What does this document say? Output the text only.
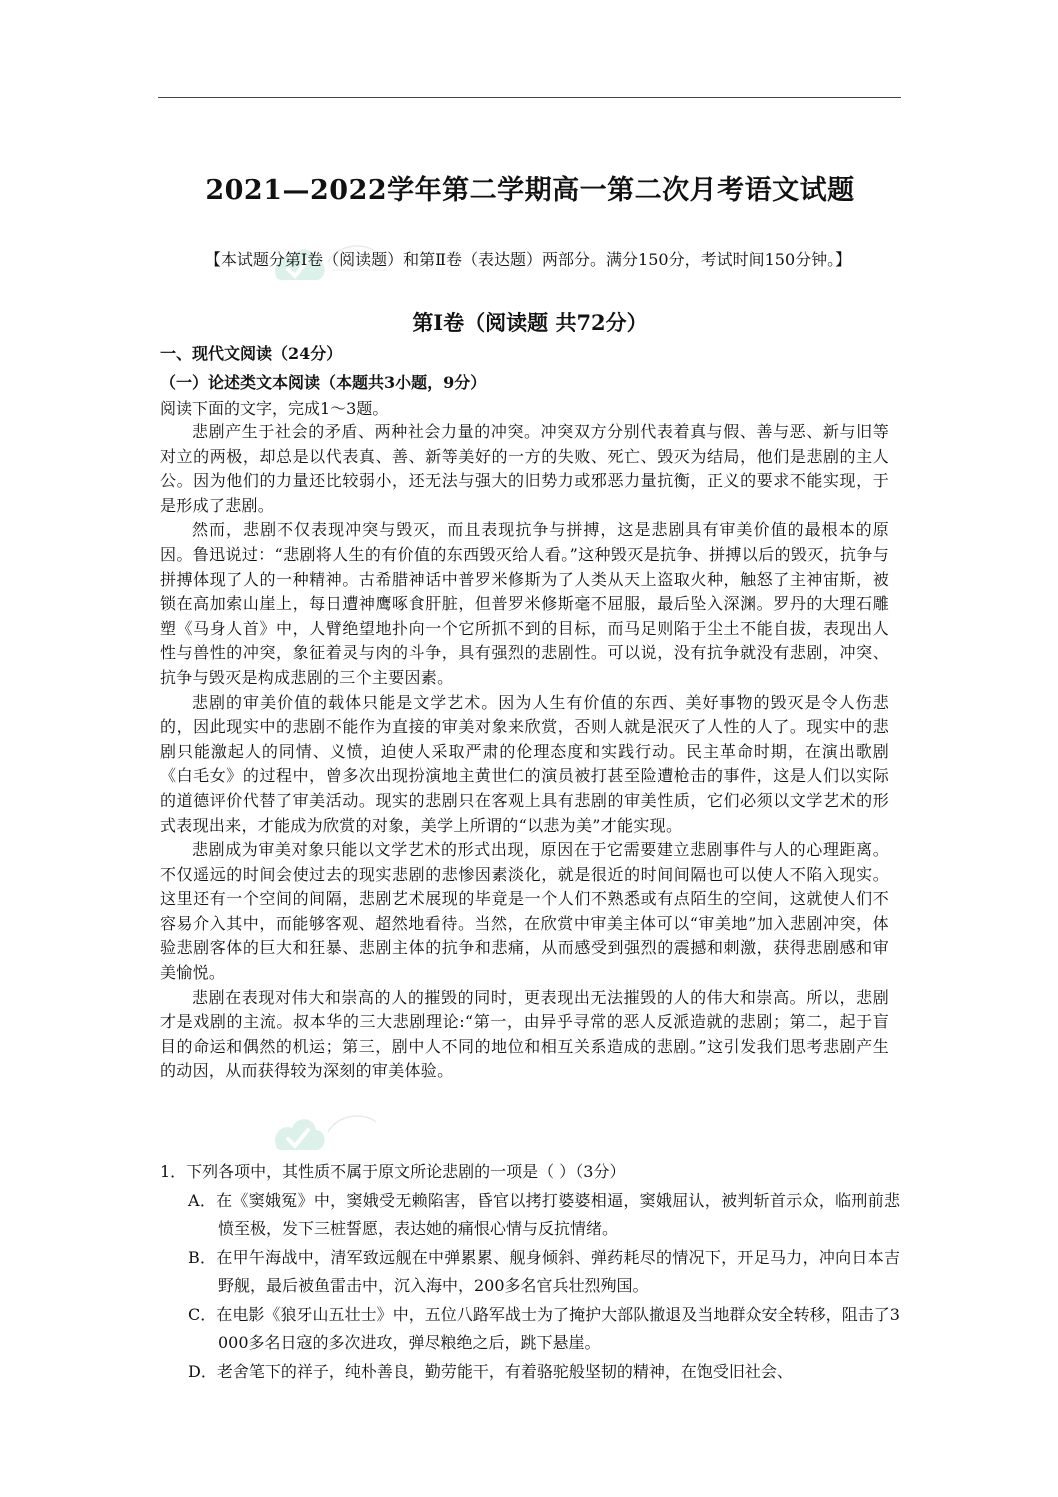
2021—2022学年第二学期高一第二次月考语文试题
【本试题分第Ⅰ卷（阅读题）和第Ⅱ卷（表达题）两部分。满分150分，考试时间150分钟。】
第Ⅰ卷（阅读题 共72分）
一、现代文阅读（24分）
（一）论述类文本阅读（本题共3小题，9分）
阅读下面的文字，完成1～3题。

悲剧产生于社会的矛盾、两种社会力量的冲突。冲突双方分别代表着真与假、善与恶、新与旧等对立的两极，却总是以代表真、善、新等美好的一方的失败、死亡、毁灭为结局，他们是悲剧的主人公。因为他们的力量还比较弱小，还无法与强大的旧势力或邪恶力量抗衡，正义的要求不能实现，于是形成了悲剧。

然而，悲剧不仅表现冲突与毁灭，而且表现抗争与拼搏，这是悲剧具有审美价值的最根本的原因。鲁迅说过：“悲剧将人生的有价值的东西毁灭给人看。”这种毁灭是抗争、拼搏以后的毁灭，抗争与拼搏体现了人的一种精神。古希腊神话中普罗米修斯为了人类从天上盗取火种，触怒了主神宙斯，被锁在高加索山崖上，每日遭神鹰啄食肝脏，但普罗米修斯毫不屈服，最后坠入深渊。罗丹的大理石雕塑《马身人首》中，人臂绝望地扑向一个它所抓不到的目标，而马足则陷于尘土不能自拔，表现出人性与兽性的冲突，象征着灵与肉的斗争，具有强烈的悲剧性。可以说，没有抗争就没有悲剧，冲突、抗争与毁灭是构成悲剧的三个主要因素。

悲剧的审美价值的载体只能是文学艺术。因为人生有价值的东西、美好事物的毁灭是令人伤悲的，因此现实中的悲剧不能作为直接的审美对象来欣赏，否则人就是泯灭了人性的人了。现实中的悲剧只能激起人的同情、义愤，迫使人采取严肃的伦理态度和实践行动。民主革命时期，在演出歌剧《白毛女》的过程中，曾多次出现扮演地主黄世仁的演员被打甚至险遭枪击的事件，这是人们以实际的道德评价代替了审美活动。现实的悲剧只在客观上具有悲剧的审美性质，它们必须以文学艺术的形式表现出来，才能成为欣赏的对象，美学上所谓的“以悲为美”才能实现。

悲剧成为审美对象只能以文学艺术的形式出现，原因在于它需要建立悲剧事件与人的心理距离。不仅遥远的时间会使过去的现实悲剧的悲惨因素淡化，就是很近的时间间隔也可以使人不陷入现实。这里还有一个空间的间隔，悲剧艺术展现的毕竟是一个人们不熟悉或有点陌生的空间，这就使人们不容易介入其中，而能够客观、超然地看待。当然，在欣赏中审美主体可以“审美地”加入悲剧冲突，体验悲剧客体的巨大和狂暴、悲剧主体的抗争和悲痛，从而感受到强烈的震撼和刺激，获得悲剧感和审美愉悦。

悲剧在表现对伟大和崇高的人的摧毁的同时，更表现出无法摧毁的人的伟大和崇高。所以，悲剧才是戏剧的主流。叔本华的三大悲剧理论:“第一，由异乎寻常的恶人反派造就的悲剧；第二，起于盲目的命运和偶然的机运；第三，剧中人不同的地位和相互关系造成的悲剧。”这引发我们思考悲剧产生的动因，从而获得较为深刻的审美体验。

1．下列各项中，其性质不属于原文所论悲剧的一项是（ ）（3分）

A．在《窦娥冤》中，窦娥受无赖陷害，昏官以拷打婆婆相逼，窦娥屈认，被判斩首示众，临刑前悲愤至极，发下三桩誓愿，表达她的痛恨心情与反抗情绪。

B．在甲午海战中，清军致远舰在中弹累累、舰身倾斜、弹药耗尽的情况下，开足马力，冲向日本吉野舰，最后被鱼雷击中，沉入海中，200多名官兵壮烈殉国。

C．在电影《狼牙山五壮士》中，五位八路军战士为了掩护大部队撤退及当地群众安全转移，阻击了3 000多名日寇的多次进攻，弹尽粮绝之后，跳下悬崖。

D．老舍笔下的祥子，纯朴善良，勤劳能干，有着骆驼般坚韧的精神，在饱受旧社会、
